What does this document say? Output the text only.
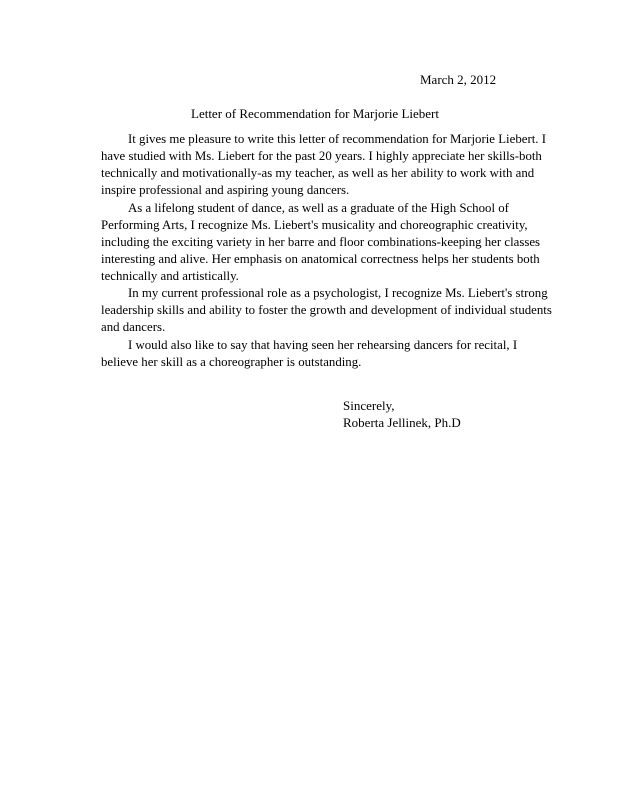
March 2, 2012
Letter of Recommendation for Marjorie Liebert

It gives me pleasure to write this letter of recommendation for Marjorie Liebert. I
have studied with Ms. Liebert for the past 20 years. I highly appreciate her skills-both
technically and motivationally-as my teacher, as well as her ability to work with and
inspire professional and aspiring young dancers.

As a lifelong student of dance, as well as a graduate of the High School of
Performing Arts, I recognize Ms. Liebert's musicality and choreographic creativity,
including the exciting variety in her barre and floor combinations-keeping her classes
interesting and alive. Her emphasis on anatomical correctness helps her students both
technically and artistically.

In my current professional role as a psychologist, I recognize Ms. Liebert's strong
leadership skills and ability to foster the growth and development of individual students
and dancers.

I would also like to say that having seen her rehearsing dancers for recital, I
believe her skill as a choreographer is outstanding.

Sincerely,
Roberta Jellinek, Ph.D
